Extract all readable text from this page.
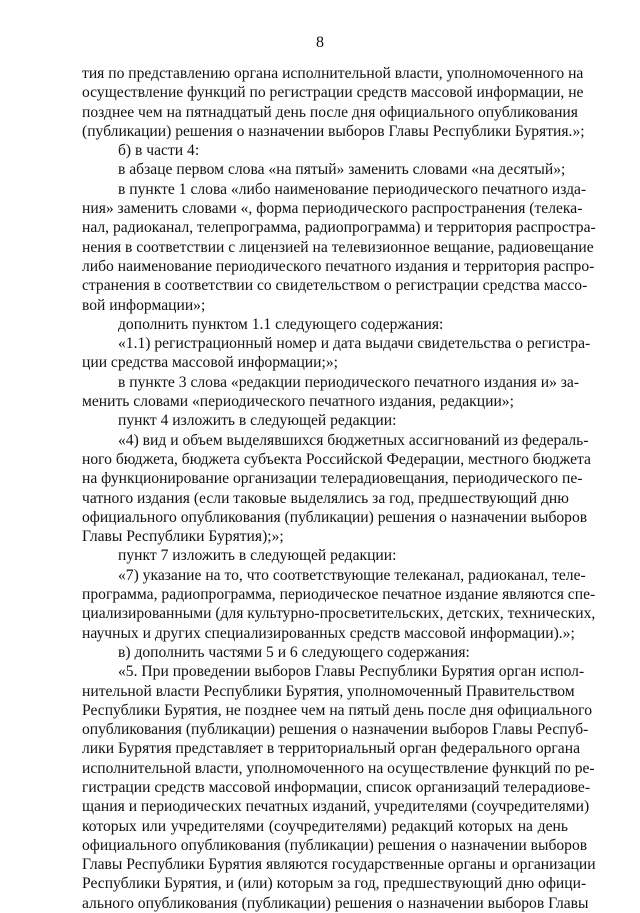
8
тия по представлению органа исполнительной власти, уполномоченного на
осуществление функций по регистрации средств массовой информации, не
позднее чем на пятнадцатый день после дня официального опубликования
(публикации) решения о назначении выборов Главы Республики Бурятия.»;
б) в части 4:
в абзаце первом слова «на пятый» заменить словами «на десятый»;
в пункте 1 слова «либо наименование периодического печатного изда-
ния» заменить словами «, форма периодического распространения (телека-
нал, радиоканал, телепрограмма, радиопрограмма) и территория распростра-
нения в соответствии с лицензией на телевизионное вещание, радиовещание
либо наименование периодического печатного издания и территория распро-
странения в соответствии со свидетельством о регистрации средства массо-
вой информации»;
дополнить пунктом 1.1 следующего содержания:
«1.1) регистрационный номер и дата выдачи свидетельства о регистра-
ции средства массовой информации;»;
в пункте 3 слова «редакции периодического печатного издания и» за-
менить словами «периодического печатного издания, редакции»;
пункт 4 изложить в следующей редакции:
«4) вид и объем выделявшихся бюджетных ассигнований из федераль-
ного бюджета, бюджета субъекта Российской Федерации, местного бюджета
на функционирование организации телерадиовещания, периодического пе-
чатного издания (если таковые выделялись за год, предшествующий дню
официального опубликования (публикации) решения о назначении выборов
Главы Республики Бурятия);»;
пункт 7 изложить в следующей редакции:
«7) указание на то, что соответствующие телеканал, радиоканал, теле-
программа, радиопрограмма, периодическое печатное издание являются спе-
циализированными (для культурно-просветительских, детских, технических,
научных и других специализированных средств массовой информации).»;
в) дополнить частями 5 и 6 следующего содержания:
«5. При проведении выборов Главы Республики Бурятия орган испол-
нительной власти Республики Бурятия, уполномоченный Правительством
Республики Бурятия, не позднее чем на пятый день после дня официального
опубликования (публикации) решения о назначении выборов Главы Респуб-
лики Бурятия представляет в территориальный орган федерального органа
исполнительной власти, уполномоченного на осуществление функций по ре-
гистрации средств массовой информации, список организаций телерадиове-
щания и периодических печатных изданий, учредителями (соучредителями)
которых или учредителями (соучредителями) редакций которых на день
официального опубликования (публикации) решения о назначении выборов
Главы Республики Бурятия являются государственные органы и организации
Республики Бурятия, и (или) которым за год, предшествующий дню офици-
ального опубликования (публикации) решения о назначении выборов Главы
